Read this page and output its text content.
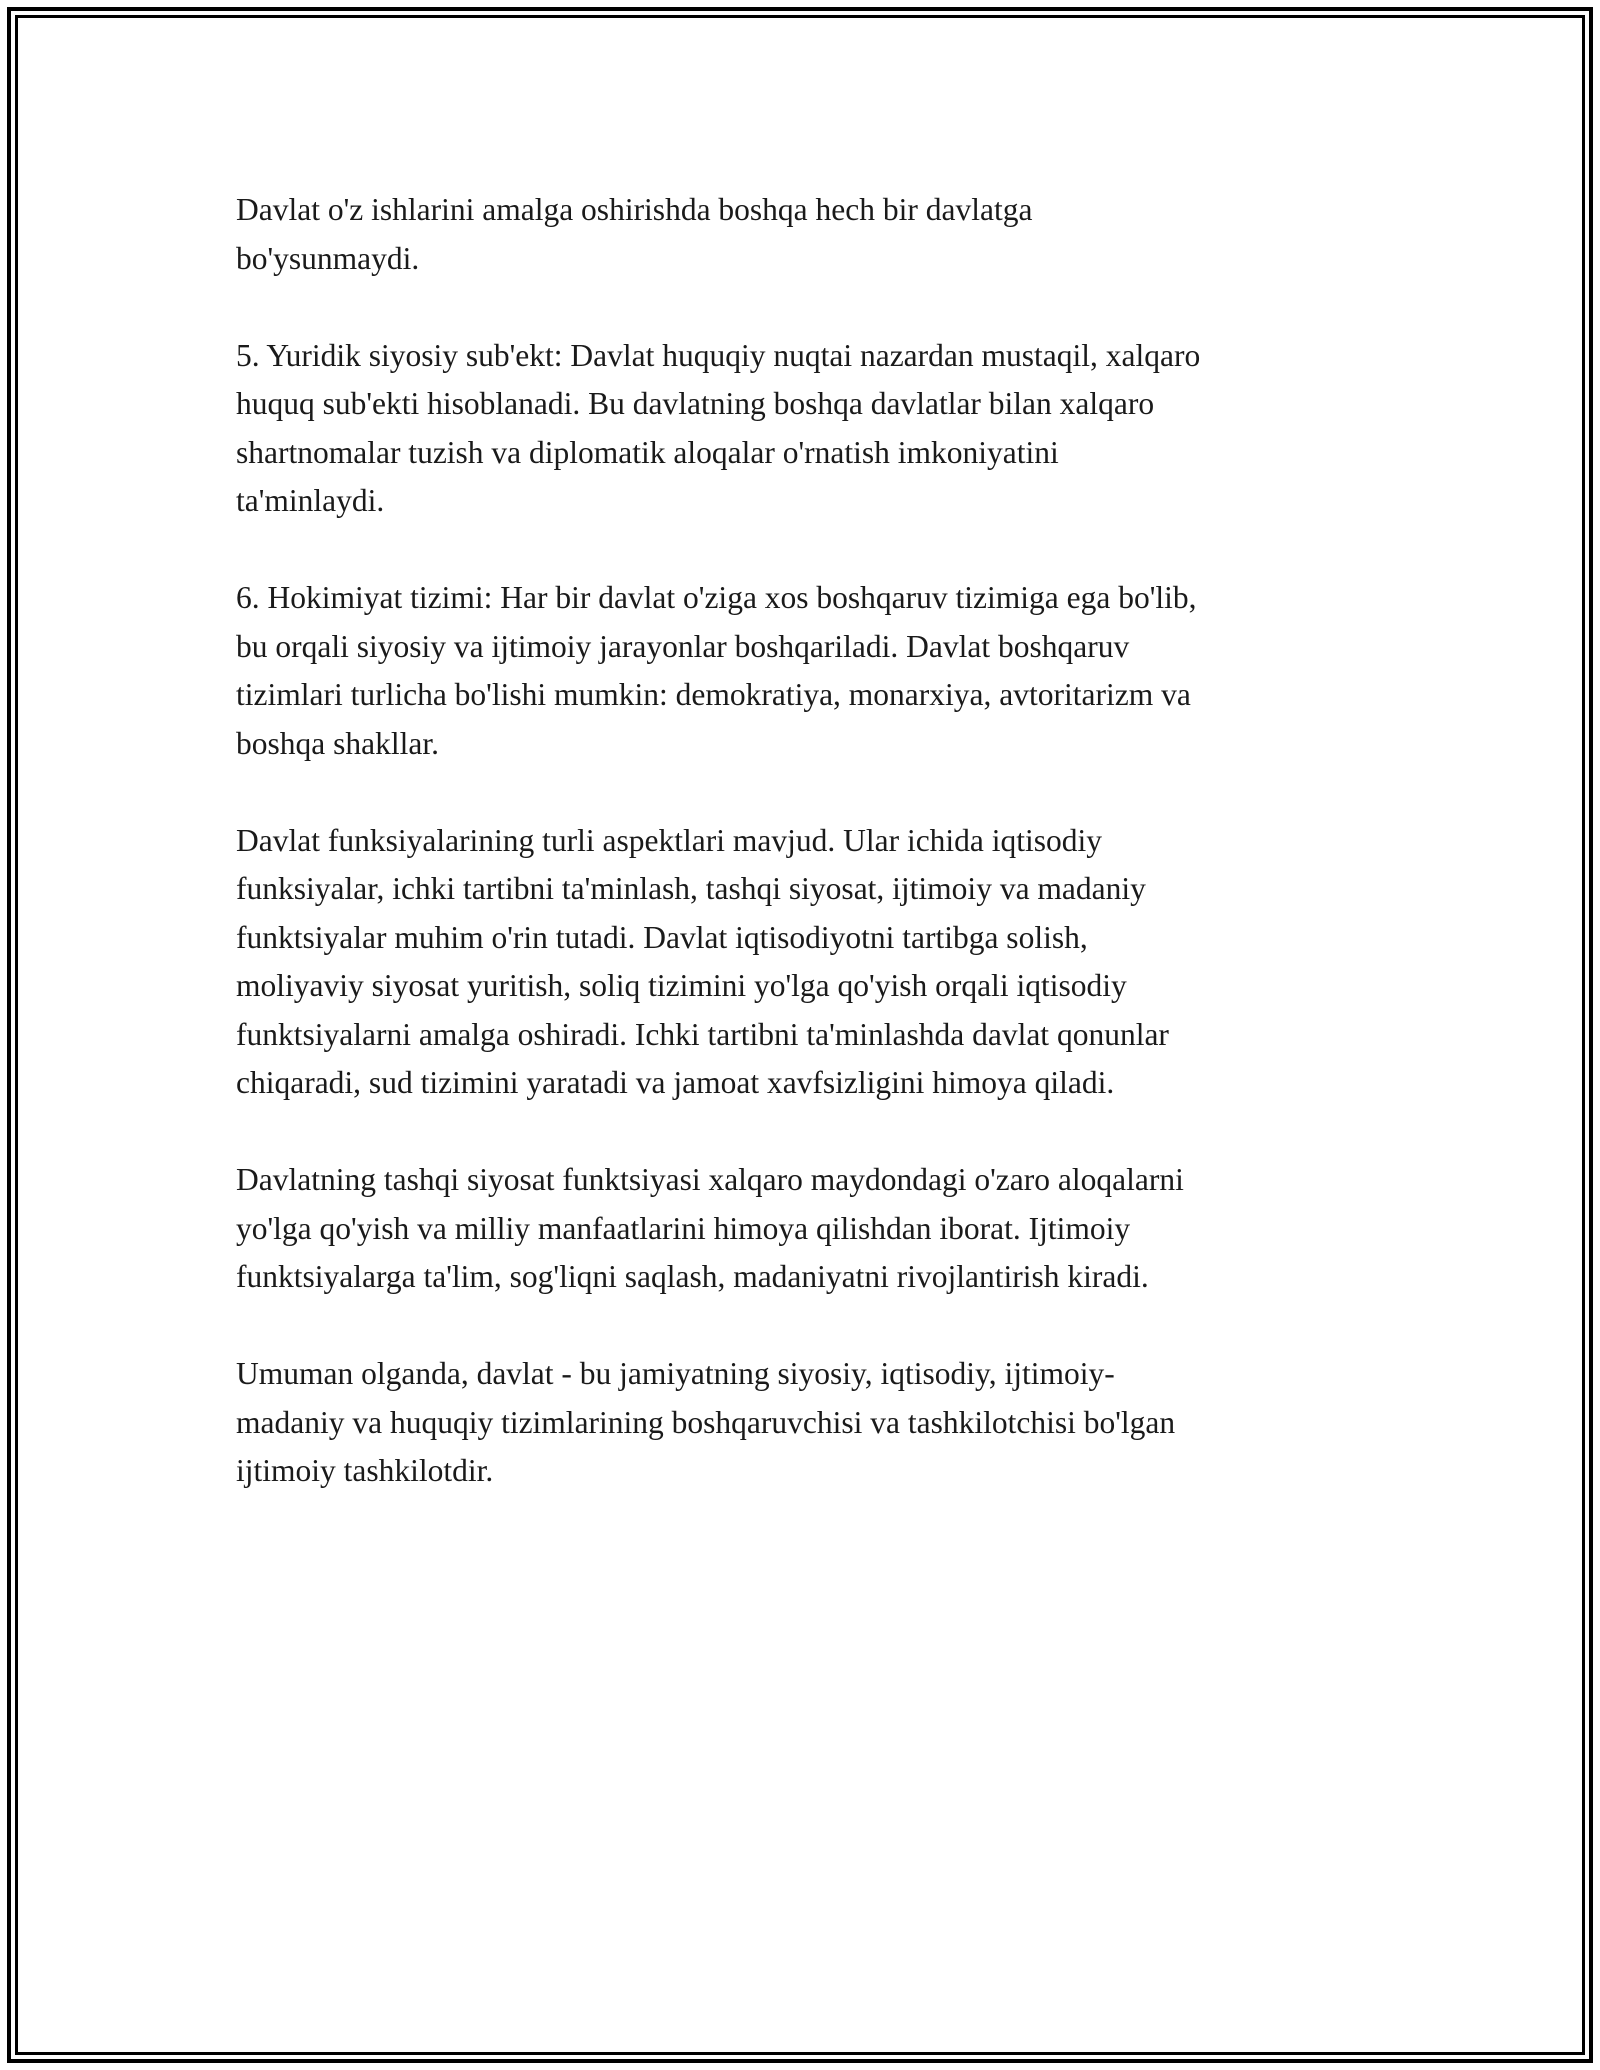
Davlat o'z ishlarini amalga oshirishda boshqa hech bir davlatga
bo'ysunmaydi.

5. Yuridik siyosiy sub'ekt: Davlat huquqiy nuqtai nazardan mustaqil, xalqaro
huquq sub'ekti hisoblanadi. Bu davlatning boshqa davlatlar bilan xalqaro
shartnomalar tuzish va diplomatik aloqalar o'rnatish imkoniyatini
ta'minlaydi.

6. Hokimiyat tizimi: Har bir davlat o'ziga xos boshqaruv tizimiga ega bo'lib,
bu orqali siyosiy va ijtimoiy jarayonlar boshqariladi. Davlat boshqaruv
tizimlari turlicha bo'lishi mumkin: demokratiya, monarxiya, avtoritarizm va
boshqa shakllar.

Davlat funksiyalarining turli aspektlari mavjud. Ular ichida iqtisodiy
funksiyalar, ichki tartibni ta'minlash, tashqi siyosat, ijtimoiy va madaniy
funktsiyalar muhim o'rin tutadi. Davlat iqtisodiyotni tartibga solish,
moliyaviy siyosat yuritish, soliq tizimini yo'lga qo'yish orqali iqtisodiy
funktsiyalarni amalga oshiradi. Ichki tartibni ta'minlashda davlat qonunlar
chiqaradi, sud tizimini yaratadi va jamoat xavfsizligini himoya qiladi.

Davlatning tashqi siyosat funktsiyasi xalqaro maydondagi o'zaro aloqalarni
yo'lga qo'yish va milliy manfaatlarini himoya qilishdan iborat. Ijtimoiy
funktsiyalarga ta'lim, sog'liqni saqlash, madaniyatni rivojlantirish kiradi.

Umuman olganda, davlat - bu jamiyatning siyosiy, iqtisodiy, ijtimoiy-
madaniy va huquqiy tizimlarining boshqaruvchisi va tashkilotchisi bo'lgan
ijtimoiy tashkilotdir.
